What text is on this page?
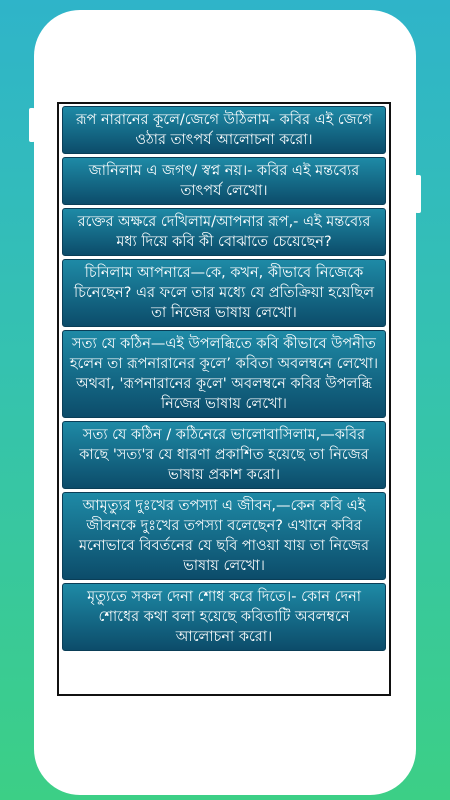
রূপ নারানের কূলে/জেগে উঠিলাম- কবির এই জেগে ওঠার তাৎপর্য আলোচনা করো।
জানিলাম এ জগৎ/ স্বপ্ন নয়।- কবির এই মন্তব্যের তাৎপর্য লেখো।
রক্তের অক্ষরে দেখিলাম/আপনার রূপ,- এই মন্তব্যের মধ্য দিয়ে কবি কী বোঝাতে চেয়েছেন?
চিনিলাম আপনারে—কে, কখন, কীভাবে নিজেকে চিনেছেন? এর ফলে তার মধ্যে যে প্রতিক্রিয়া হয়েছিল তা নিজের ভাষায় লেখো।
সত্য যে কঠিন—এই উপলব্ধিতে কবি কীভাবে উপনীত হলেন তা রূপনারানের কূলে’ কবিতা অবলম্বনে লেখো। অথবা, 'রূপনারানের কূলে' অবলম্বনে কবির উপলব্ধি নিজের ভাষায় লেখো।
সত্য যে কঠিন / কঠিনেরে ভালোবাসিলাম,—কবির কাছে 'সত্য'র যে ধারণা প্রকাশিত হয়েছে তা নিজের ভাষায় প্রকাশ করো।
আমৃত্যুর দুঃখের তপস্যা এ জীবন,—কেন কবি এই জীবনকে দুঃখের তপস্যা বলেছেন? এখানে কবির মনোভাবে বিবর্তনের যে ছবি পাওয়া যায় তা নিজের ভাষায় লেখো।
মৃত্যুতে সকল দেনা শোধ করে দিতে।- কোন দেনা শোধের কথা বলা হয়েছে কবিতাটি অবলম্বনে আলোচনা করো।
